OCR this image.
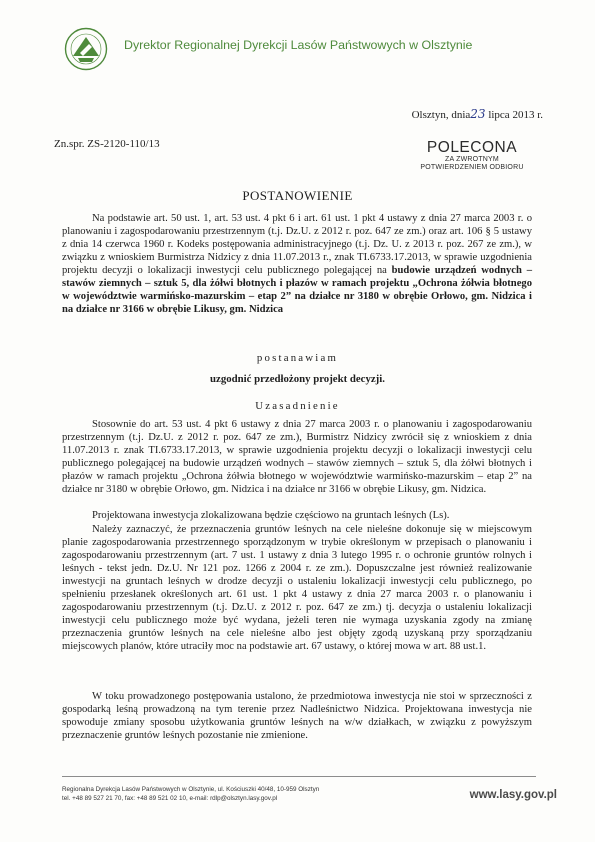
Dyrektor Regionalnej Dyrekcji Lasów Państwowych w Olsztynie
Olsztyn, dnia23 lipca 2013 r.
Zn.spr. ZS-2120-110/13	POLECONA
ZA ZWROTNYM
POTWIERDZENIEM ODBIORU
POSTANOWIENIE
Na podstawie art. 50 ust. 1, art. 53 ust. 4 pkt 6 i art. 61 ust. 1 pkt 4 ustawy z dnia 27 marca 2003 r. o planowaniu i zagospodarowaniu przestrzennym (t.j. Dz.U. z 2012 r. poz. 647 ze zm.) oraz art. 106 § 5 ustawy z dnia 14 czerwca 1960 r. Kodeks postępowania administracyjnego (t.j. Dz. U. z 2013 r. poz. 267 ze zm.), w związku z wnioskiem Burmistrza Nidzicy z dnia 11.07.2013 r., znak TI.6733.17.2013, w sprawie uzgodnienia projektu decyzji o lokalizacji inwestycji celu publicznego polegającej na budowie urządzeń wodnych – stawów ziemnych – sztuk 5, dla żółwi błotnych i płazów w ramach projektu „Ochrona żółwia błotnego w województwie warmińsko-mazurskim – etap 2” na działce nr 3180 w obrębie Orłowo, gm. Nidzica i na działce nr 3166 w obrębie Likusy, gm. Nidzica
postanawiam
uzgodnić przedłożony projekt decyzji.
Uzasadnienie
Stosownie do art. 53 ust. 4 pkt 6 ustawy z dnia 27 marca 2003 r. o planowaniu i zagospodarowaniu przestrzennym (t.j. Dz.U. z 2012 r. poz. 647 ze zm.), Burmistrz Nidzicy zwrócił się z wnioskiem z dnia 11.07.2013 r. znak TI.6733.17.2013, w sprawie uzgodnienia projektu decyzji o lokalizacji inwestycji celu publicznego polegającej na budowie urządzeń wodnych – stawów ziemnych – sztuk 5, dla żółwi błotnych i płazów w ramach projektu „Ochrona żółwia błotnego w województwie warmińsko-mazurskim – etap 2” na działce nr 3180 w obrębie Orłowo, gm. Nidzica i na działce nr 3166 w obrębie Likusy, gm. Nidzica.
Projektowana inwestycja zlokalizowana będzie częściowo na gruntach leśnych (Ls).
Należy zaznaczyć, że przeznaczenia gruntów leśnych na cele nieleśne dokonuje się w miejscowym planie zagospodarowania przestrzennego sporządzonym w trybie określonym w przepisach o planowaniu i zagospodarowaniu przestrzennym (art. 7 ust. 1 ustawy z dnia 3 lutego 1995 r. o ochronie gruntów rolnych i leśnych - tekst jedn. Dz.U. Nr 121 poz. 1266 z 2004 r. ze zm.). Dopuszczalne jest również realizowanie inwestycji na gruntach leśnych w drodze decyzji o ustaleniu lokalizacji inwestycji celu publicznego, po spełnieniu przesłanek określonych art. 61 ust. 1 pkt 4 ustawy z dnia 27 marca 2003 r. o planowaniu i zagospodarowaniu przestrzennym (t.j. Dz.U. z 2012 r. poz. 647 ze zm.) tj. decyzja o ustaleniu lokalizacji inwestycji celu publicznego może być wydana, jeżeli teren nie wymaga uzyskania zgody na zmianę przeznaczenia gruntów leśnych na cele nieleśne albo jest objęty zgodą uzyskaną przy sporządzaniu miejscowych planów, które utraciły moc na podstawie art. 67 ustawy, o której mowa w art. 88 ust.1.
W toku prowadzonego postępowania ustalono, że przedmiotowa inwestycja nie stoi w sprzeczności z gospodarką leśną prowadzoną na tym terenie przez Nadleśnictwo Nidzica. Projektowana inwestycja nie spowoduje zmiany sposobu użytkowania gruntów leśnych na w/w działkach, w związku z powyższym przeznaczenie gruntów leśnych pozostanie nie zmienione.
Regionalna Dyrekcja Lasów Państwowych w Olsztynie, ul. Kościuszki 40/48, 10-959 Olsztyn
tel. +48 89 527 21 70, fax: +48 89 521 02 10, e-mail: rdlp@olsztyn.lasy.gov.pl	www.lasy.gov.pl
